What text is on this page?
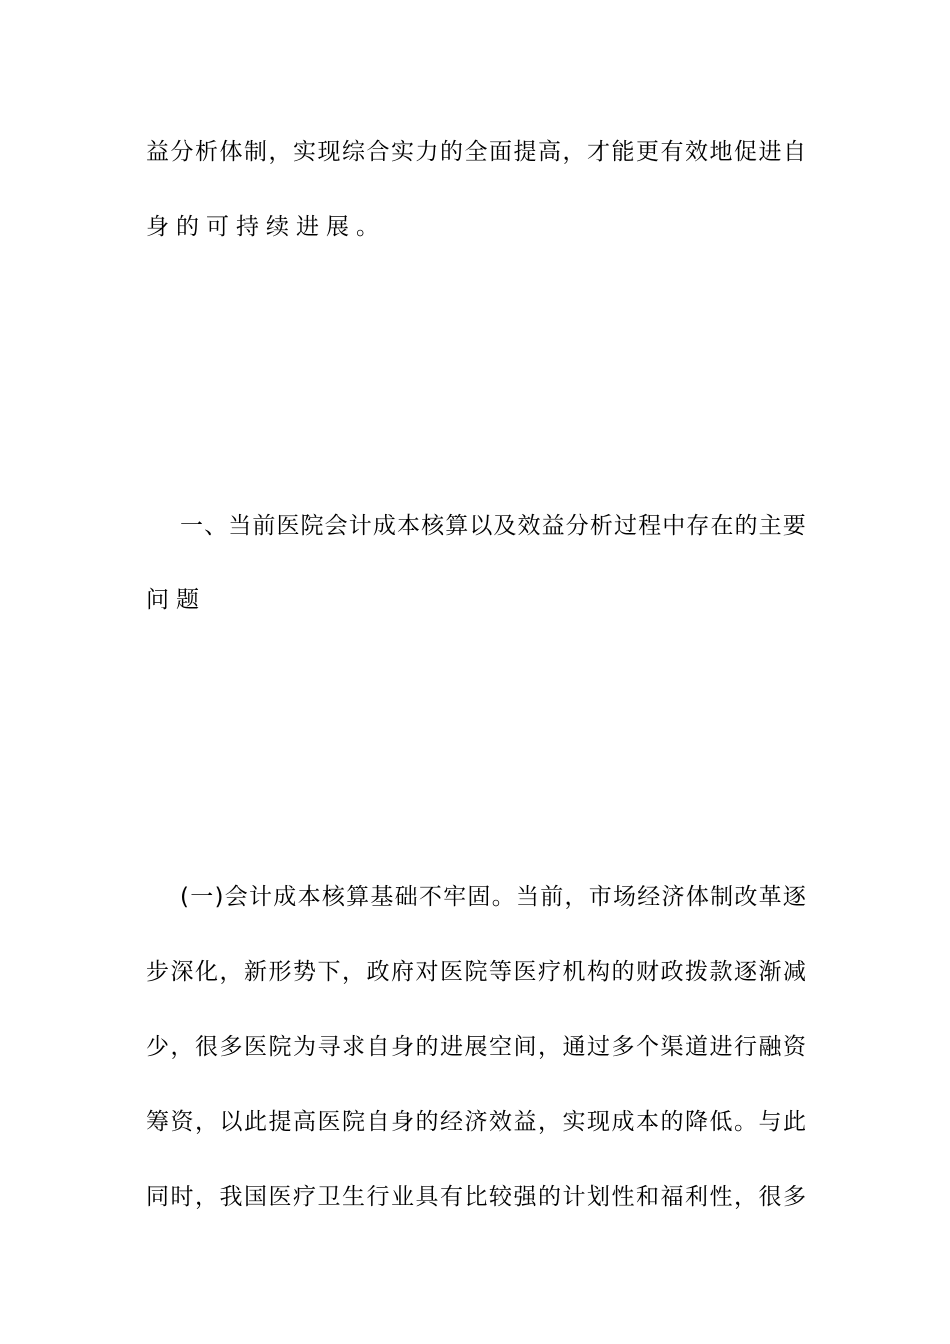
益 分 析 体 制 ， 实 现 综 合 实 力 的 全 面 提 高 ， 才 能 更 有 效 地 促 进 自
身的可持续进展。
一 、 当 前 医 院 会 计 成 本 核 算 以 及 效 益 分 析 过 程 中 存 在 的 主 要
问题
( 一 ) 会 计 成 本 核 算 基 础 不 牢 固 。 当 前 ， 市 场 经 济 体 制 改 革 逐
步 深 化 ， 新 形 势 下 ， 政 府 对 医 院 等 医 疗 机 构 的 财 政 拨 款 逐 渐 减
少 ， 很 多 医 院 为 寻 求 自 身 的 进 展 空 间 ， 通 过 多 个 渠 道 进 行 融 资
筹 资 ， 以 此 提 高 医 院 自 身 的 经 济 效 益 ， 实 现 成 本 的 降 低 。 与 此
同 时 ， 我 国 医 疗 卫 生 行 业 具 有 比 较 强 的 计 划 性 和 福 利 性 ， 很 多
